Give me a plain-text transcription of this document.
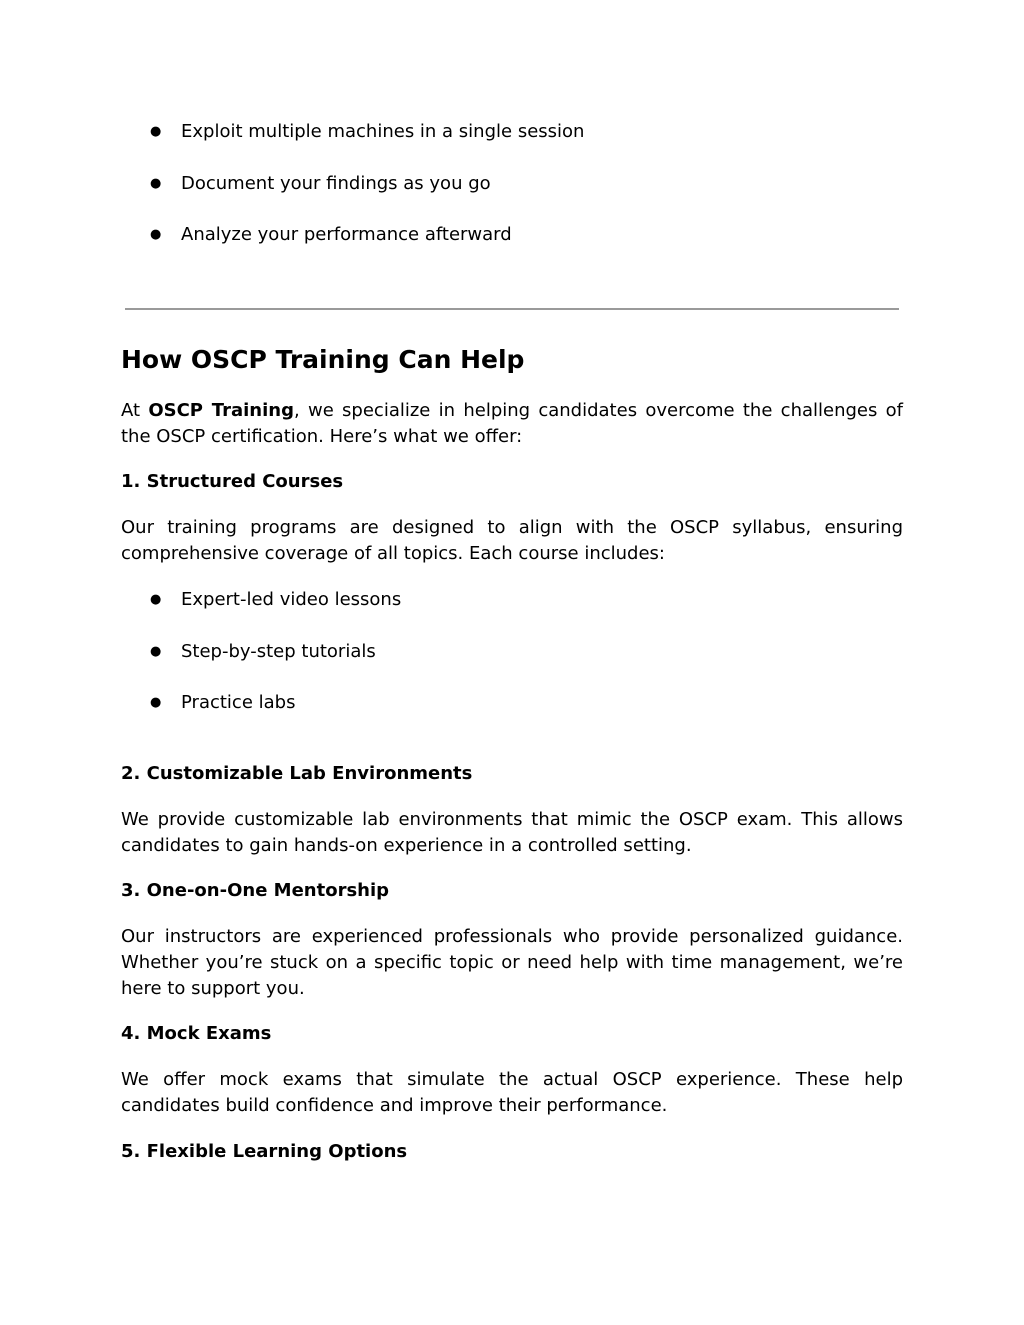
●	Exploit multiple machines in a single session
●	Document your findings as you go
●	Analyze your performance afterward
How OSCP Training Can Help

At OSCP Training, we specialize in helping candidates overcome the challenges of the OSCP certification. Here’s what we offer:

1. Structured Courses

Our training programs are designed to align with the OSCP syllabus, ensuring comprehensive coverage of all topics. Each course includes:

●	Expert-led video lessons
●	Step-by-step tutorials
●	Practice labs
2. Customizable Lab Environments

We provide customizable lab environments that mimic the OSCP exam. This allows candidates to gain hands-on experience in a controlled setting.

3. One-on-One Mentorship

Our instructors are experienced professionals who provide personalized guidance. Whether you’re stuck on a specific topic or need help with time management, we’re here to support you.

4. Mock Exams

We offer mock exams that simulate the actual OSCP experience. These help candidates build confidence and improve their performance.

5. Flexible Learning Options
